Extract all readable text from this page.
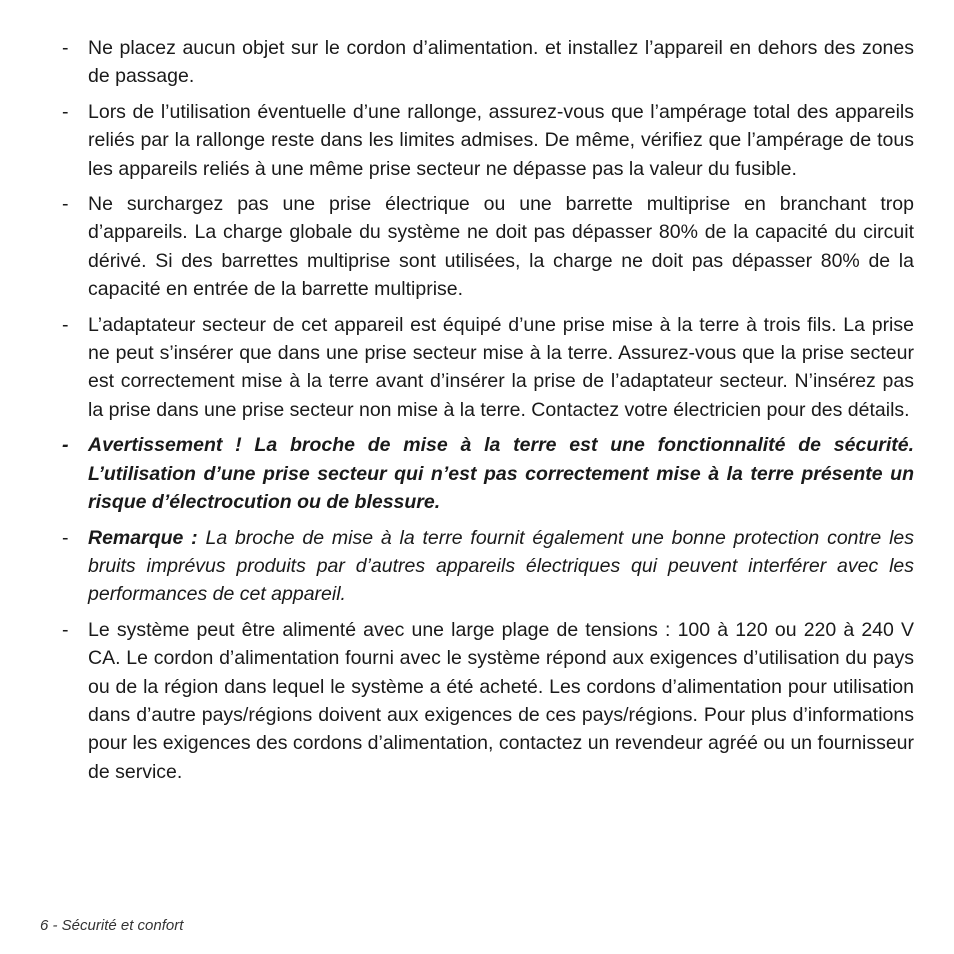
-	Ne placez aucun objet sur le cordon d’alimentation. et installez l’appareil en dehors des zones de passage.
-	Lors de l’utilisation éventuelle d’une rallonge, assurez-vous que l’ampérage total des appareils reliés par la rallonge reste dans les limites admises. De même, vérifiez que l’ampérage de tous les appareils reliés à une même prise secteur ne dépasse pas la valeur du fusible.
-	Ne surchargez pas une prise électrique ou une barrette multiprise en branchant trop d’appareils. La charge globale du système ne doit pas dépasser 80% de la capacité du circuit dérivé. Si des barrettes multiprise sont utilisées, la charge ne doit pas dépasser 80% de la capacité en entrée de la barrette multiprise.
-	L’adaptateur secteur de cet appareil est équipé d’une prise mise à la terre à trois fils. La prise ne peut s’insérer que dans une prise secteur mise à la terre. Assurez-vous que la prise secteur est correctement mise à la terre avant d’insérer la prise de l’adaptateur secteur. N’insérez pas la prise dans une prise secteur non mise à la terre. Contactez votre électricien pour des détails.
-	Avertissement ! La broche de mise à la terre est une fonctionnalité de sécurité. L’utilisation d’une prise secteur qui n’est pas correctement mise à la terre présente un risque d’électrocution ou de blessure.
-	Remarque : La broche de mise à la terre fournit également une bonne protection contre les bruits imprévus produits par d’autres appareils électriques qui peuvent interférer avec les performances de cet appareil.
-	Le système peut être alimenté avec une large plage de tensions : 100 à 120 ou 220 à 240 V CA. Le cordon d’alimentation fourni avec le système répond aux exigences d’utilisation du pays ou de la région dans lequel le système a été acheté. Les cordons d’alimentation pour utilisation dans d’autre pays/régions doivent aux exigences de ces pays/régions. Pour plus d’informations pour les exigences des cordons d’alimentation, contactez un revendeur agréé ou un fournisseur de service.
6 - Sécurité et confort
